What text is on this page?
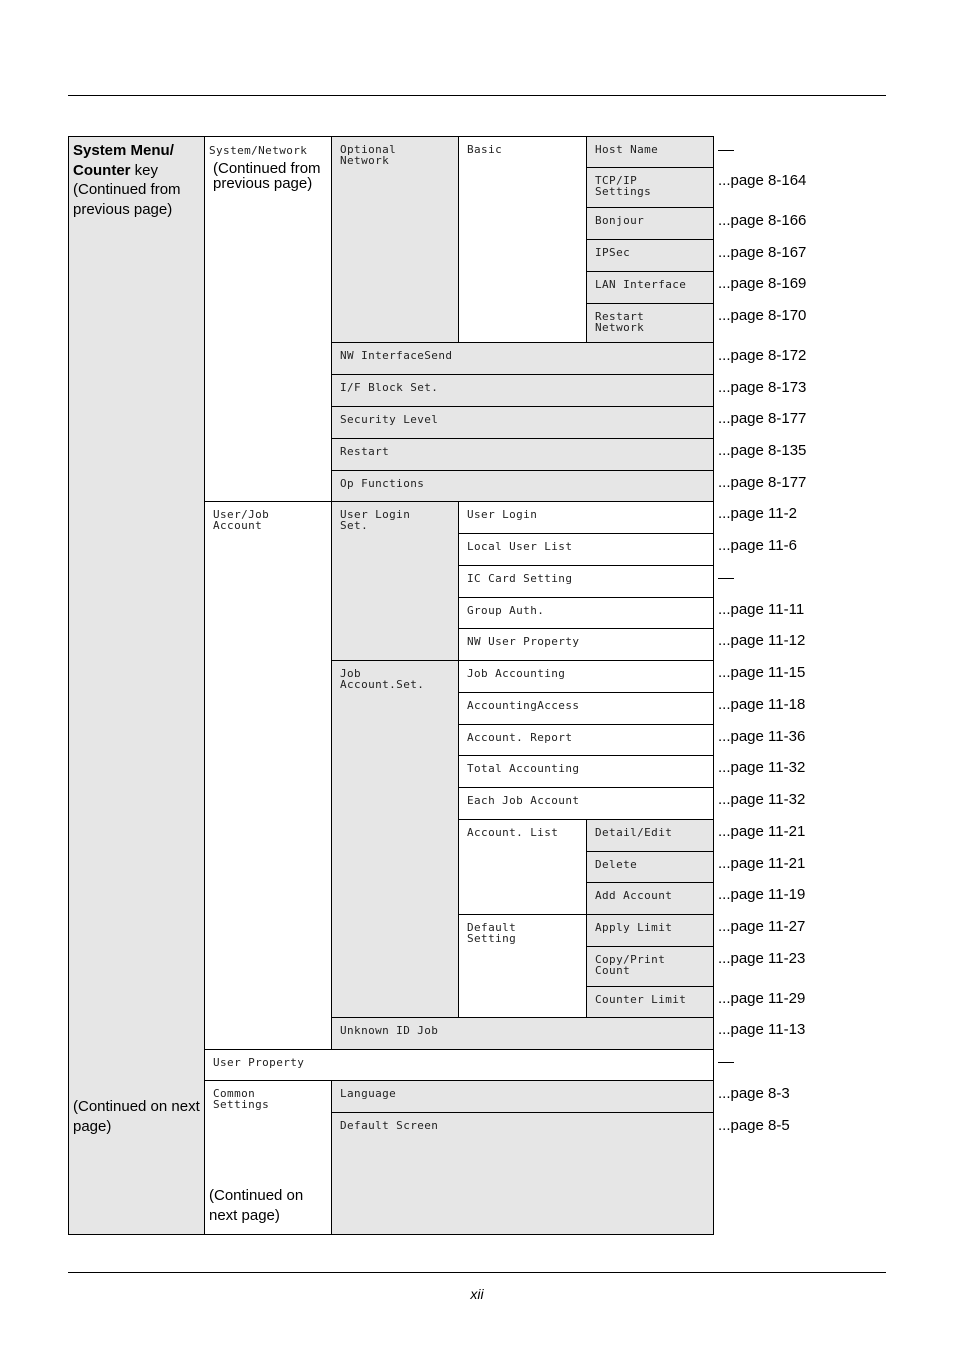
System Menu/
Counter key
(Continued from previous page)
(Continued on next page)
System/Network
(Continued from previous page)
User/Job
Account
User Property
Common
Settings
(Continued on next page)
Optional
Network
User Login
Set.
Job
Account.Set.
Basic
Account. List
Default
Setting
Host Name
TCP/IP
Settings
Bonjour
IPSec
LAN Interface
Restart
Network
NW InterfaceSend
I/F Block Set.
Security Level
Restart
Op Functions
User Login
Local User List
IC Card Setting
Group Auth.
NW User Property
Job Accounting
AccountingAccess
Account. Report
Total Accounting
Each Job Account
Detail/Edit
Delete
Add Account
Apply Limit
Copy/Print
Count
Counter Limit
Unknown ID Job
Language
Default Screen
...page 8-164
...page 8-166
...page 8-167
...page 8-169
...page 8-170
...page 8-172
...page 8-173
...page 8-177
...page 8-135
...page 8-177
...page 11-2
...page 11-6
...page 11-11
...page 11-12
...page 11-15
...page 11-18
...page 11-36
...page 11-32
...page 11-32
...page 11-21
...page 11-21
...page 11-19
...page 11-27
...page 11-23
...page 11-29
...page 11-13
...page 8-3
...page 8-5
xii
